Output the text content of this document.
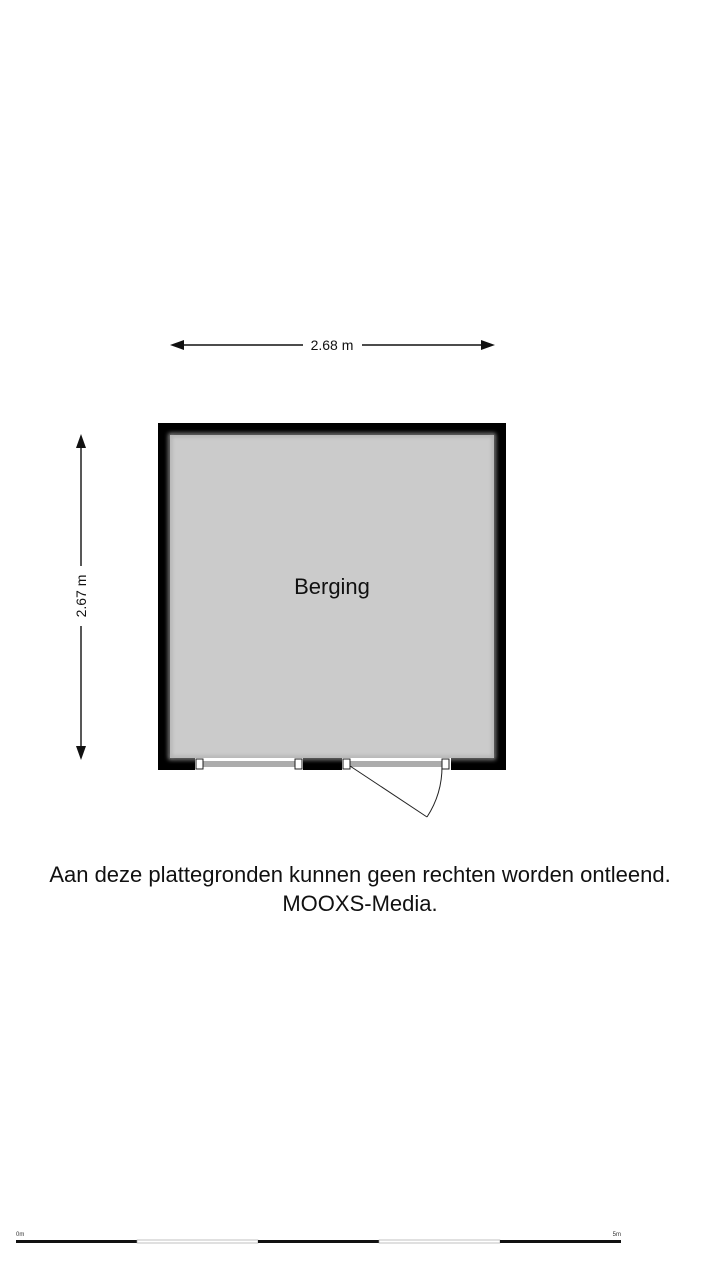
2.68 m
2.67 m	Berging
0m	5m
Aan deze plattegronden kunnen geen rechten worden ontleend.
MOOXS-Media.
